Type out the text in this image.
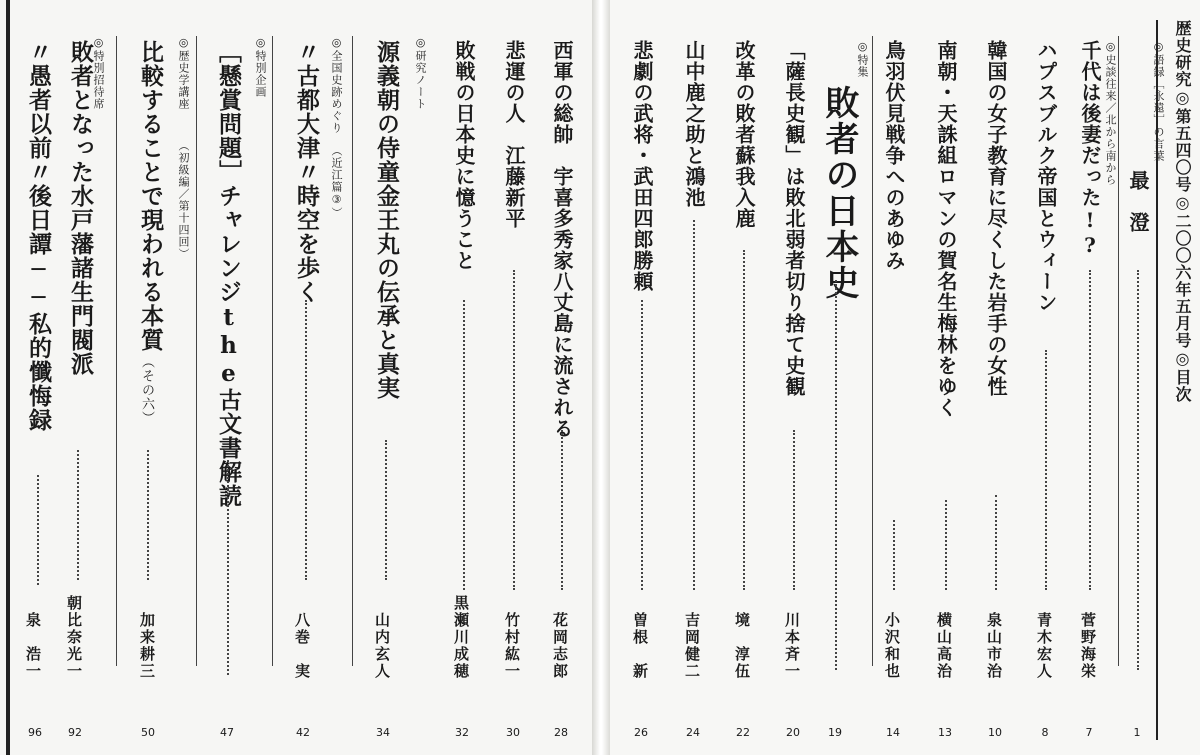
〃愚者以前〃後日譚──私的懺悔録
泉　浩一
96
◎特別招待席
敗者となった水戸藩諸生門閥派
朝比奈光一
92
◎歴史学講座
（初級編／第十四回）
比較することで現われる本質
（その六）
加来耕三
50
◎特別企画
［懸賞問題］チャレンジthe古文書解読
47
◎全国史跡めぐり
（近江篇③）
〃古都大津〃時空を歩く
八巻　実
42
◎研究ノート
源義朝の侍童金王丸の伝承と真実
山内玄人
34
敗戦の日本史に憶うこと
黒瀬川成穂
32
悲運の人　江藤新平
竹村紘一
30
西軍の総帥　宇喜多秀家八丈島に流される
花岡志郎
28
悲劇の武将・武田四郎勝頼
曽根　新
26
山中鹿之助と鴻池
吉岡健二
24
改革の敗者蘇我入鹿
境　淳伍
22
「薩長史観」は敗北弱者切り捨て史観
川本斉一
20
◎特集
敗者の日本史
19
鳥羽伏見戦争へのあゆみ
小沢和也
14
南朝・天誅組ロマンの賀名生梅林をゆく
横山高治
13
韓国の女子教育に尽くした岩手の女性
泉山市治
10
ハプスブルク帝国とウィーン
青木宏人
8
◎史談往来／北から南から
千代は後妻だった!?
菅野海栄
7
◎語録［永遠］の言葉
最　澄
1
歴史研究◎第五四〇号◎二〇〇六年五月号◎目次
